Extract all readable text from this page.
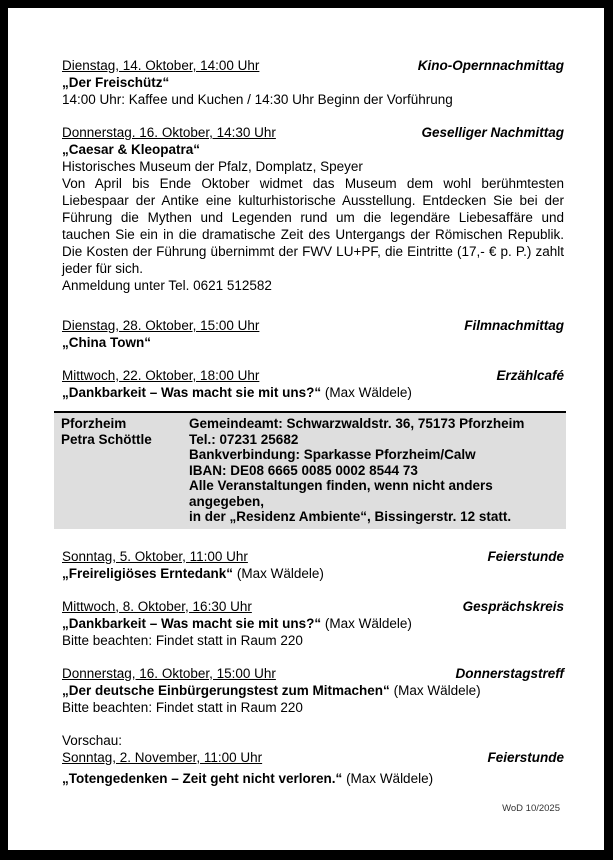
Dienstag, 14. Oktober, 14:00 Uhr	Kino-Opernnachmittag
„Der Freischütz“
14:00 Uhr: Kaffee und Kuchen / 14:30 Uhr Beginn der Vorführung
Donnerstag. 16. Oktober, 14:30 Uhr	Geselliger Nachmittag
„Caesar & Kleopatra“
Historisches Museum der Pfalz, Domplatz, Speyer
Von April bis Ende Oktober widmet das Museum dem wohl berühmtesten Liebespaar der Antike eine kulturhistorische Ausstellung. Entdecken Sie bei der Führung die Mythen und Legenden rund um die legendäre Liebesaffäre und tauchen Sie ein in die dramatische Zeit des Untergangs der Römischen Republik. Die Kosten der Führung übernimmt der FWV LU+PF, die Eintritte (17,- € p. P.) zahlt jeder für sich.
Anmeldung unter Tel. 0621 512582
Dienstag, 28. Oktober, 15:00 Uhr	Filmnachmittag
„China Town“
Mittwoch, 22. Oktober, 18:00 Uhr	Erzählcafé
„Dankbarkeit – Was macht sie mit uns?“ (Max Wäldele)
Pforzheim
Petra Schöttle
Gemeindeamt: Schwarzwaldstr. 36, 75173 Pforzheim
Tel.: 07231 25682
Bankverbindung: Sparkasse Pforzheim/Calw
IBAN: DE08 6665 0085 0002 8544 73
Alle Veranstaltungen finden, wenn nicht anders angegeben,
in der „Residenz Ambiente“, Bissingerstr. 12 statt.
Sonntag, 5. Oktober, 11:00 Uhr	Feierstunde
„Freireligiöses Erntedank“ (Max Wäldele)
Mittwoch, 8. Oktober, 16:30 Uhr	Gesprächskreis
„Dankbarkeit – Was macht sie mit uns?“ (Max Wäldele)
Bitte beachten: Findet statt in Raum 220
Donnerstag, 16. Oktober, 15:00 Uhr	Donnerstagstreff
„Der deutsche Einbürgerungstest zum Mitmachen“ (Max Wäldele)
Bitte beachten: Findet statt in Raum 220
Vorschau:
Sonntag, 2. November, 11:00 Uhr	Feierstunde
„Totengedenken – Zeit geht nicht verloren.“ (Max Wäldele)
WoD 10/2025
